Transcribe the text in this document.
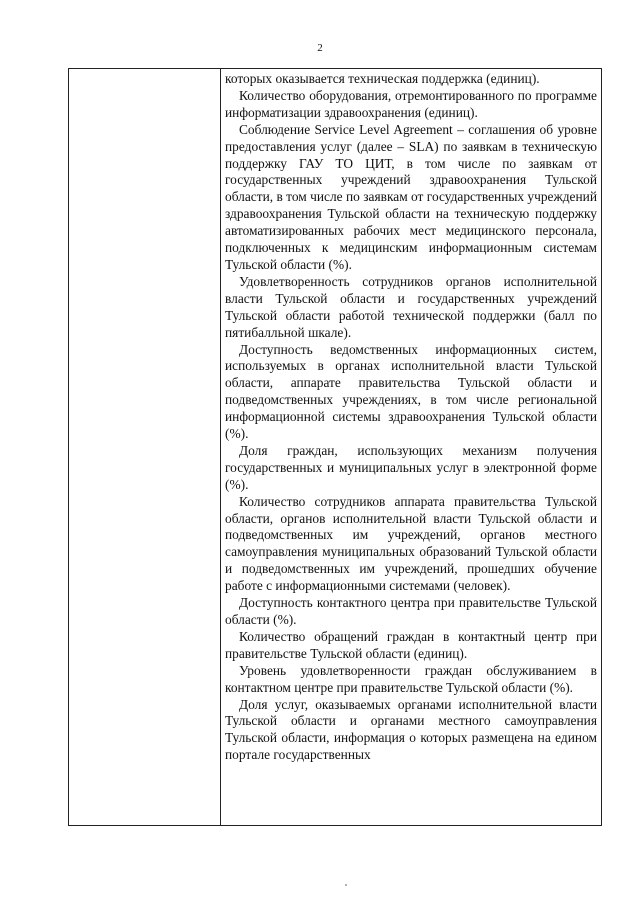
2

которых оказывается техническая поддержка (единиц).

Количество оборудования, отремонтированного по программе информатизации здравоохранения (единиц).

Соблюдение Service Level Agreement – соглашения об уровне предоставления услуг (далее – SLA) по заявкам в техническую поддержку ГАУ ТО ЦИТ, в том числе по заявкам от государственных учреждений здравоохранения Тульской области, в том числе по заявкам от государственных учреждений здравоохранения Тульской области на техническую поддержку автоматизированных рабочих мест медицинского персонала, подключенных к медицинским информационным системам Тульской области (%).

Удовлетворенность сотрудников органов исполнительной власти Тульской области и государственных учреждений Тульской области работой технической поддержки (балл по пятибалльной шкале).

Доступность ведомственных информационных систем, используемых в органах исполнительной власти Тульской области, аппарате правительства Тульской области и подведомственных учреждениях, в том числе региональной информационной системы здравоохранения Тульской области (%).

Доля граждан, использующих механизм получения государственных и муниципальных услуг в электронной форме (%).

Количество сотрудников аппарата правительства Тульской области, органов исполнительной власти Тульской области и подведомственных им учреждений, органов местного самоуправления муниципальных образований Тульской области и подведомственных им учреждений, прошедших обучение работе с информационными системами (человек).

Доступность контактного центра при правительстве Тульской области (%).

Количество обращений граждан в контактный центр при правительстве Тульской области (единиц).

Уровень удовлетворенности граждан обслуживанием в контактном центре при правительстве Тульской области (%).

Доля услуг, оказываемых органами исполнительной власти Тульской области и органами местного самоуправления Тульской области, информация о которых размещена на едином портале государственных
